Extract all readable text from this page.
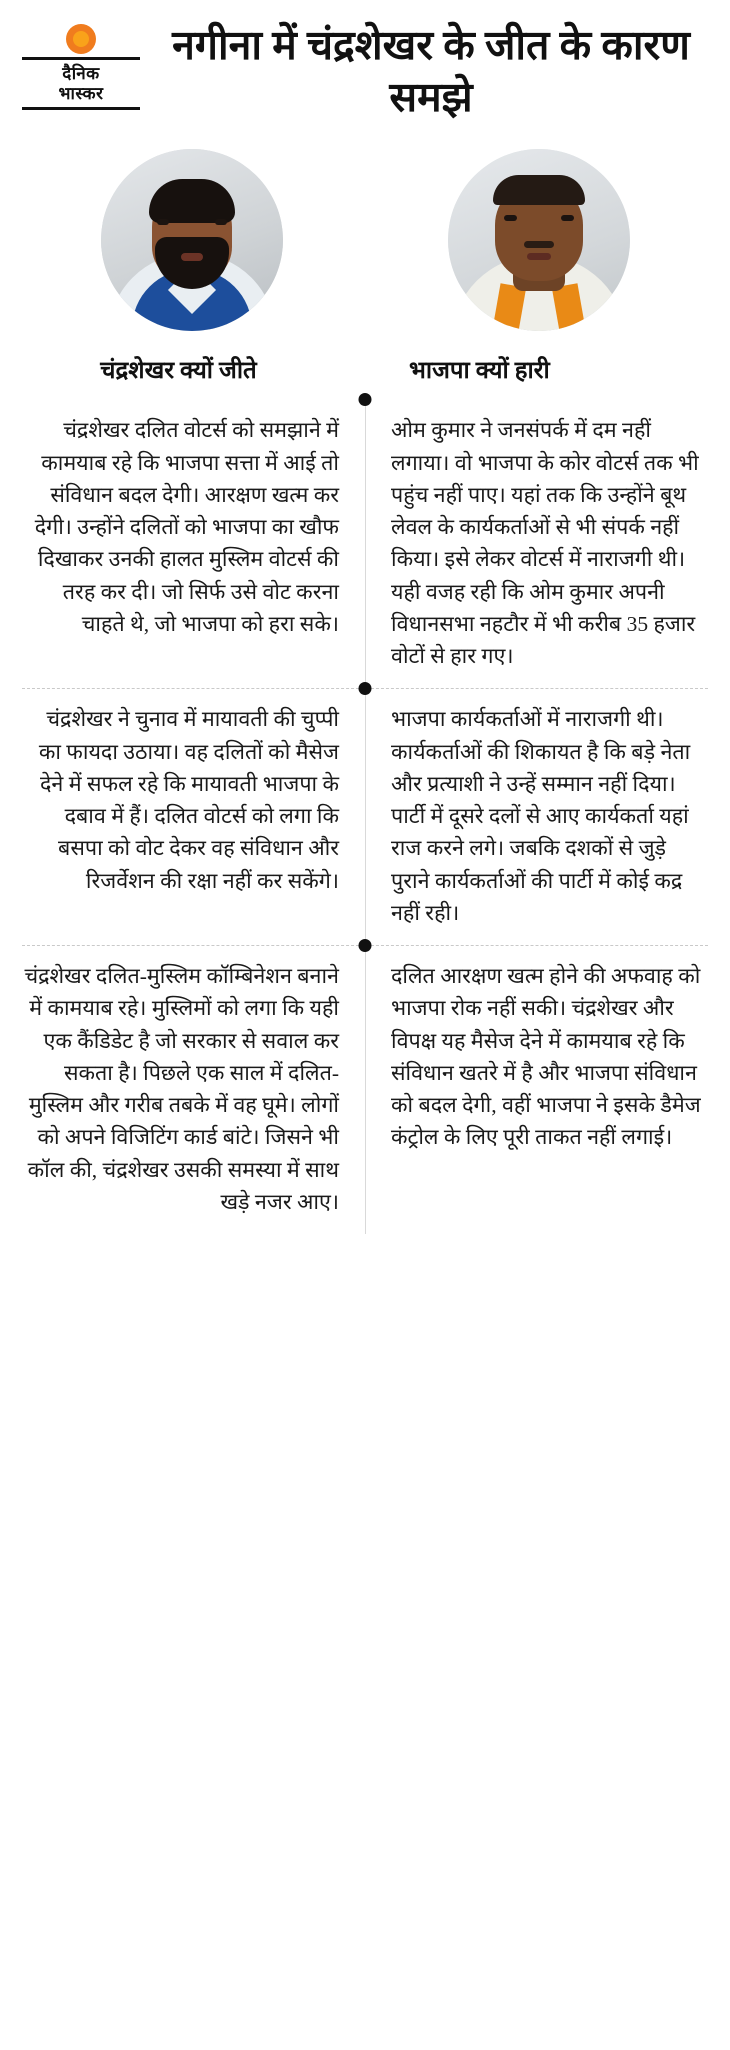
दैनिक
भास्कर
नगीना में चंद्रशेखर के जीत के कारण समझे
चंद्रशेखर क्यों जीते	भाजपा क्यों हारी
चंद्रशेखर दलित वोटर्स को समझाने में कामयाब रहे कि भाजपा सत्ता में आई तो संविधान बदल देगी। आरक्षण खत्म कर देगी। उन्होंने दलितों को भाजपा का खौफ दिखाकर उनकी हालत मुस्लिम वोटर्स की तरह कर दी। जो सिर्फ उसे वोट करना चाहते थे, जो भाजपा को हरा सके।
ओम कुमार ने जनसंपर्क में दम नहीं लगाया। वो भाजपा के कोर वोटर्स तक भी पहुंच नहीं पाए। यहां तक कि उन्होंने बूथ लेवल के कार्यकर्ताओं से भी संपर्क नहीं किया। इसे लेकर वोटर्स में नाराजगी थी। यही वजह रही कि ओम कुमार अपनी विधानसभा नहटौर में भी करीब 35 हजार वोटों से हार गए।
चंद्रशेखर ने चुनाव में मायावती की चुप्पी का फायदा उठाया। वह दलितों को मैसेज देने में सफल रहे कि मायावती भाजपा के दबाव में हैं। दलित वोटर्स को लगा कि बसपा को वोट देकर वह संविधान और रिजर्वेशन की रक्षा नहीं कर सकेंगे।
भाजपा कार्यकर्ताओं में नाराजगी थी। कार्यकर्ताओं की शिकायत है कि बड़े नेता और प्रत्याशी ने उन्हें सम्मान नहीं दिया। पार्टी में दूसरे दलों से आए कार्यकर्ता यहां राज करने लगे। जबकि दशकों से जुड़े पुराने कार्यकर्ताओं की पार्टी में कोई कद्र नहीं रही।
चंद्रशेखर दलित-मुस्लिम कॉम्बिनेशन बनाने में कामयाब रहे। मुस्लिमों को लगा कि यही एक कैंडिडेट है जो सरकार से सवाल कर सकता है। पिछले एक साल में दलित-मुस्लिम और गरीब तबके में वह घूमे। लोगों को अपने विजिटिंग कार्ड बांटे। जिसने भी कॉल की, चंद्रशेखर उसकी समस्या में साथ खड़े नजर आए।
दलित आरक्षण खत्म होने की अफवाह को भाजपा रोक नहीं सकी। चंद्रशेखर और विपक्ष यह मैसेज देने में कामयाब रहे कि संविधान खतरे में है और भाजपा संविधान को बदल देगी, वहीं भाजपा ने इसके डैमेज कंट्रोल के लिए पूरी ताकत नहीं लगाई।
